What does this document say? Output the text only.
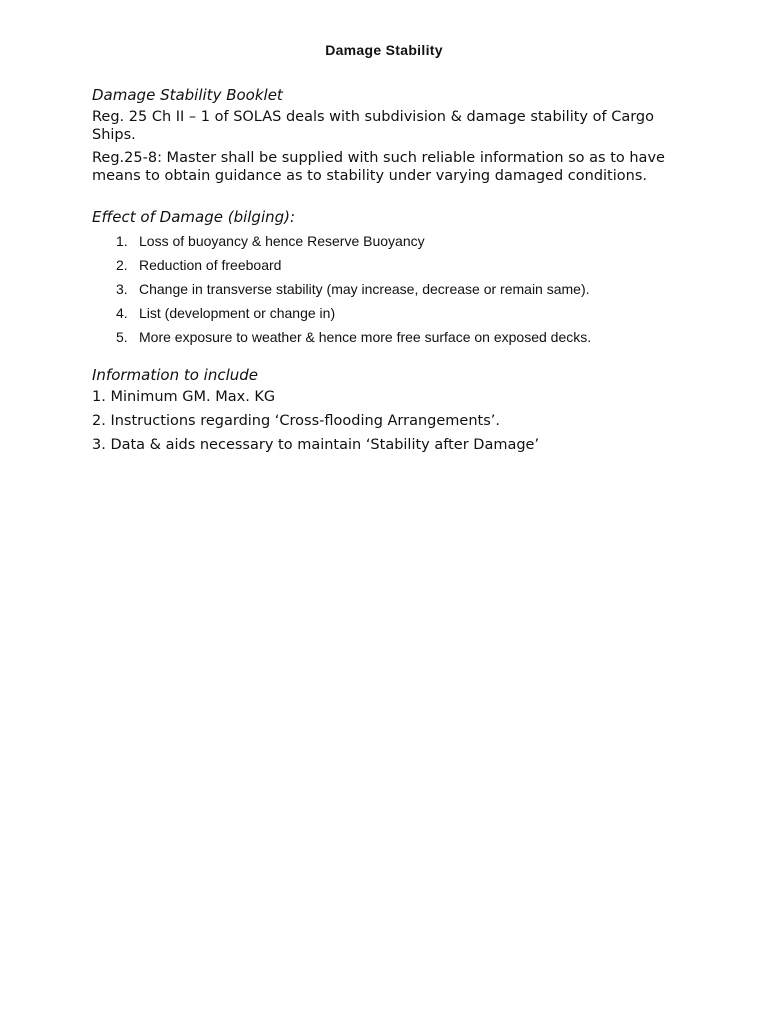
Damage Stability

Damage Stability Booklet

Reg. 25 Ch II – 1 of SOLAS deals with subdivision & damage stability of Cargo Ships.

Reg.25-8: Master shall be supplied with such reliable information so as to have means to obtain guidance as to stability under varying damaged conditions.

Effect of Damage (bilging):

1. Loss of buoyancy & hence Reserve Buoyancy
2. Reduction of freeboard
3. Change in transverse stability (may increase, decrease or remain same).
4. List (development or change in)
5. More exposure to weather & hence more free surface on exposed decks.

Information to include

1. Minimum GM. Max. KG

2. Instructions regarding ‘Cross-flooding Arrangements’.

3. Data & aids necessary to maintain ‘Stability after Damage’
